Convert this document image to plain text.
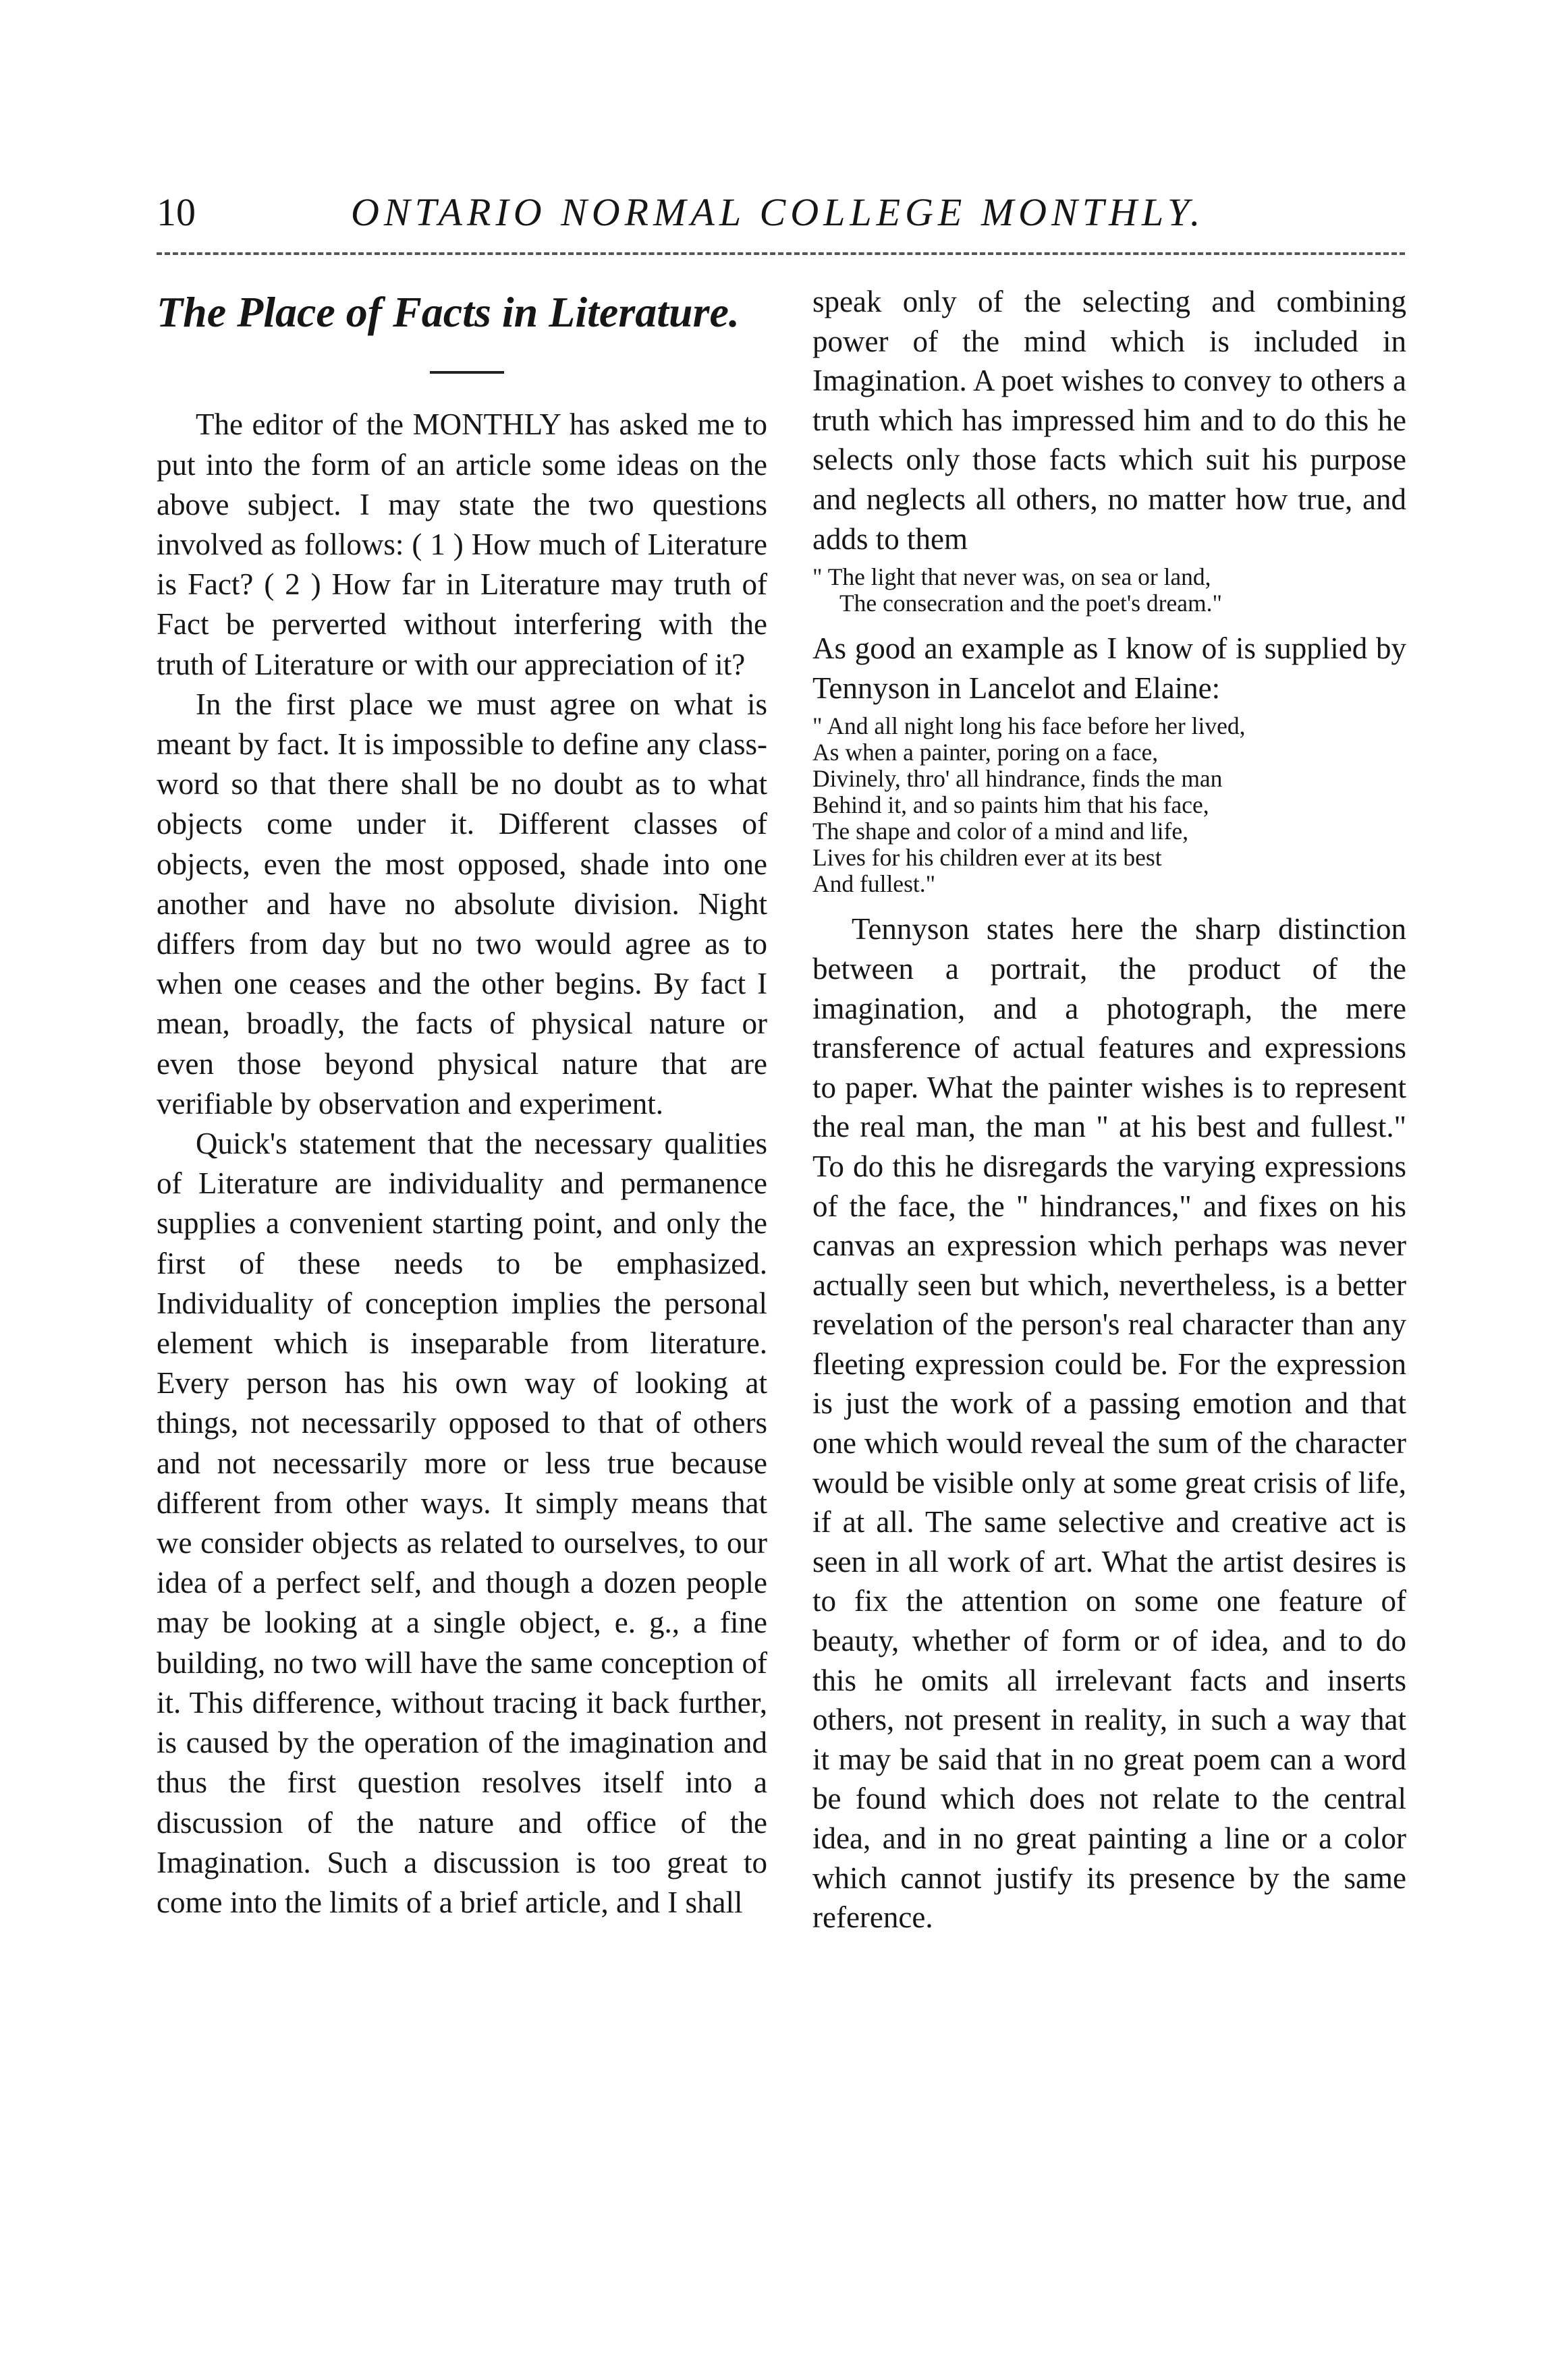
10	ONTARIO NORMAL COLLEGE MONTHLY.
The Place of Facts in Literature.

The editor of the MONTHLY has asked me to put into the form of an article some ideas on the above subject. I may state the two questions involved as follows: ( 1 ) How much of Literature is Fact? ( 2 ) How far in Literature may truth of Fact be perverted without interfering with the truth of Literature or with our appreciation of it?

In the first place we must agree on what is meant by fact. It is impossible to define any class-word so that there shall be no doubt as to what objects come under it. Different classes of objects, even the most opposed, shade into one another and have no absolute division. Night differs from day but no two would agree as to when one ceases and the other begins. By fact I mean, broadly, the facts of physical nature or even those beyond physical nature that are verifiable by observation and experiment.

Quick's statement that the necessary qualities of Literature are individuality and permanence supplies a convenient starting point, and only the first of these needs to be emphasized. Individuality of conception implies the personal element which is inseparable from literature. Every person has his own way of looking at things, not necessarily opposed to that of others and not necessarily more or less true because different from other ways. It simply means that we consider objects as related to ourselves, to our idea of a perfect self, and though a dozen people may be looking at a single object, e. g., a fine building, no two will have the same conception of it. This difference, without tracing it back further, is caused by the operation of the imagination and thus the first question resolves itself into a discussion of the nature and office of the Imagination. Such a discussion is too great to come into the limits of a brief article, and I shall

speak only of the selecting and combining power of the mind which is included in Imagination. A poet wishes to convey to others a truth which has impressed him and to do this he selects only those facts which suit his purpose and neglects all others, no matter how true, and adds to them

" The light that never was, on sea or land,
The consecration and the poet's dream."

As good an example as I know of is supplied by Tennyson in Lancelot and Elaine:

" And all night long his face before her lived,
As when a painter, poring on a face,
Divinely, thro' all hindrance, finds the man
Behind it, and so paints him that his face,
The shape and color of a mind and life,
Lives for his children ever at its best
And fullest."

Tennyson states here the sharp distinction between a portrait, the product of the imagination, and a photograph, the mere transference of actual features and expressions to paper. What the painter wishes is to represent the real man, the man " at his best and fullest." To do this he disregards the varying expressions of the face, the " hindrances," and fixes on his canvas an expression which perhaps was never actually seen but which, nevertheless, is a better revelation of the person's real character than any fleeting expression could be. For the expression is just the work of a passing emotion and that one which would reveal the sum of the character would be visible only at some great crisis of life, if at all. The same selective and creative act is seen in all work of art. What the artist desires is to fix the attention on some one feature of beauty, whether of form or of idea, and to do this he omits all irrelevant facts and inserts others, not present in reality, in such a way that it may be said that in no great poem can a word be found which does not relate to the central idea, and in no great painting a line or a color which cannot justify its presence by the same reference.
